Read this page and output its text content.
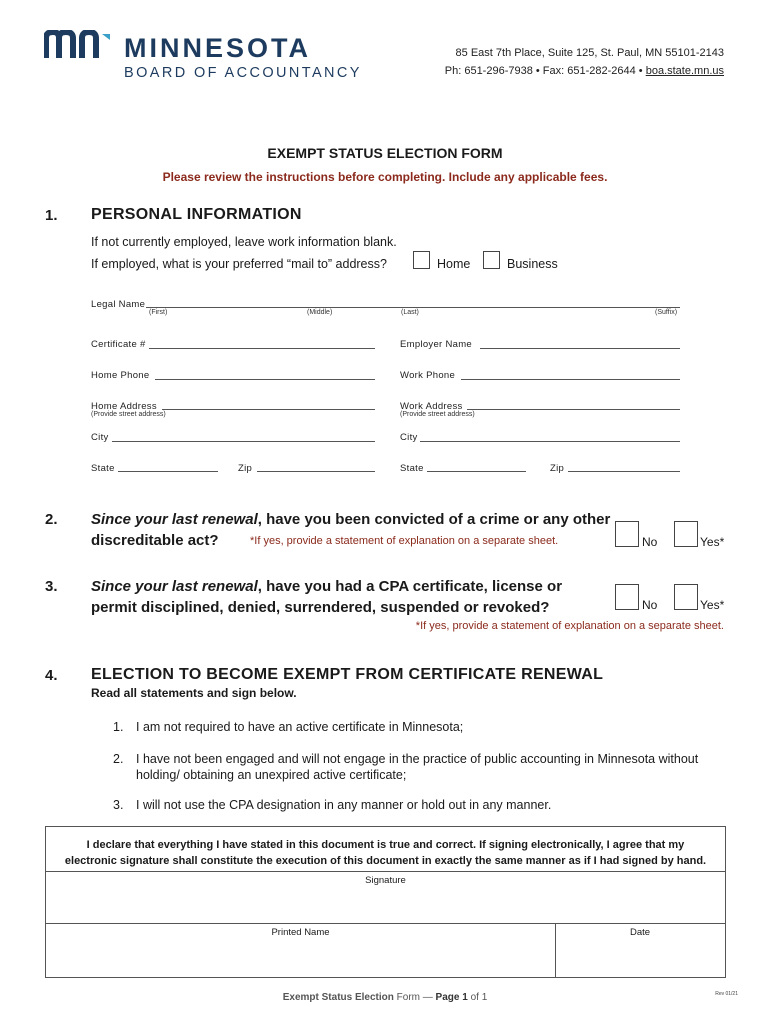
MINNESOTA
BOARD OF ACCOUNTANCY
85 East 7th Place, Suite 125, St. Paul, MN 55101-2143
Ph: 651-296-7938 • Fax: 651-282-2644 • boa.state.mn.us
EXEMPT STATUS ELECTION FORM
Please review the instructions before completing. Include any applicable fees.
1. PERSONAL INFORMATION
If not currently employed, leave work information blank.
If employed, what is your preferred “mail to” address?	Home	Business
Legal Name
(First)	(Middle)	(Last)	(Suffix)
Certificate #	Employer Name
Home Phone	Work Phone
Home Address
(Provide street address)
Work Address
(Provide street address)
City	City
State	Zip	State	Zip
2. Since your last renewal, have you been convicted of a crime or any other
discreditable act?	*If yes, provide a statement of explanation on a separate sheet.	No	Yes*
3. Since your last renewal, have you had a CPA certificate, license or
permit disciplined, denied, surrendered, suspended or revoked?	No	Yes*
*If yes, provide a statement of explanation on a separate sheet.
4. ELECTION TO BECOME EXEMPT FROM CERTIFICATE RENEWAL
Read all statements and sign below.
1. I am not required to have an active certificate in Minnesota;
2. I have not been engaged and will not engage in the practice of public accounting in Minnesota without
holding/ obtaining an unexpired active certificate;
3. I will not use the CPA designation in any manner or hold out in any manner.
I declare that everything I have stated in this document is true and correct. If signing electronically, I agree that my
electronic signature shall constitute the execution of this document in exactly the same manner as if I had signed by hand.
Signature
Printed Name	Date
Exempt Status Election Form — Page 1 of 1	Rev 01/21
